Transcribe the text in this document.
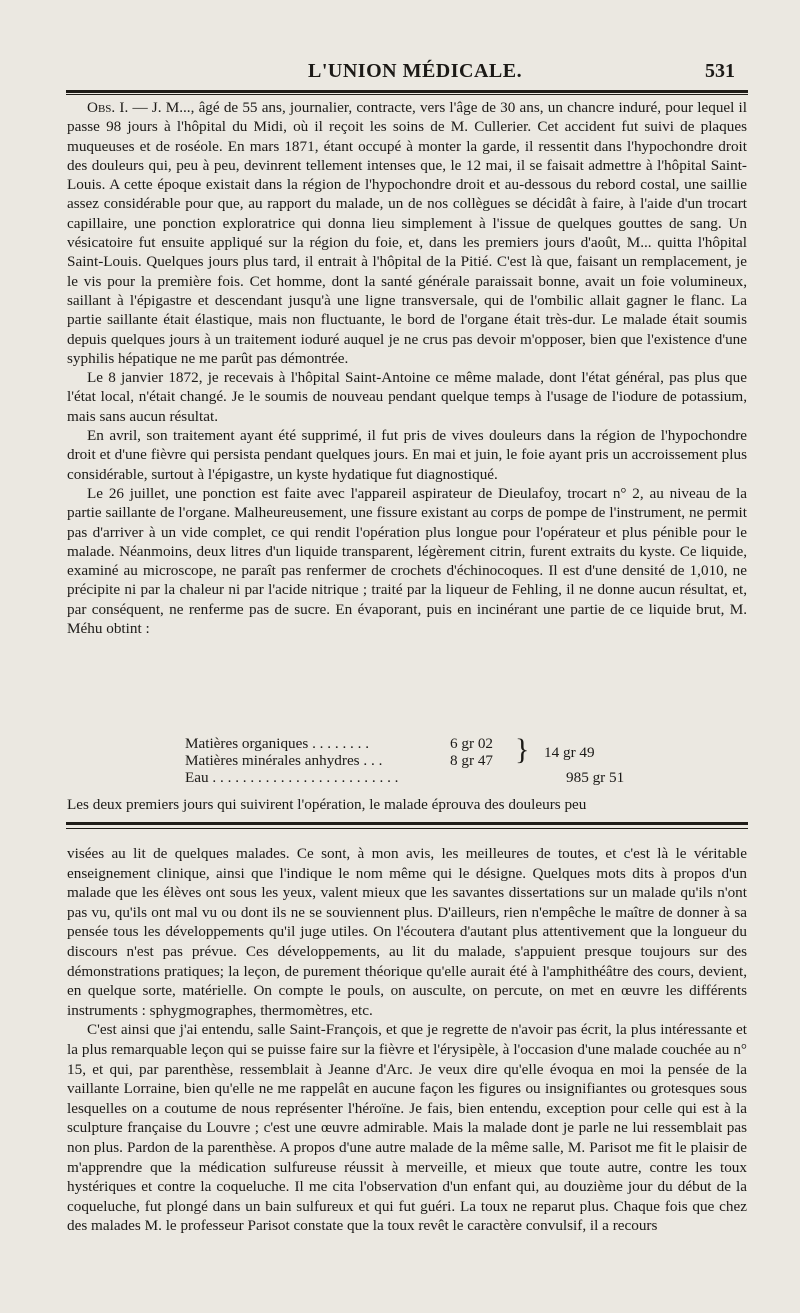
L'UNION MÉDICALE.	531

Obs. I. — J. M..., âgé de 55 ans, journalier, contracte, vers l'âge de 30 ans, un chancre induré, pour lequel il passe 98 jours à l'hôpital du Midi, où il reçoit les soins de M. Cullerier. Cet accident fut suivi de plaques muqueuses et de roséole. En mars 1871, étant occupé à monter la garde, il ressentit dans l'hypochondre droit des douleurs qui, peu à peu, devinrent tellement intenses que, le 12 mai, il se faisait admettre à l'hôpital Saint-Louis. A cette époque existait dans la région de l'hypochondre droit et au-dessous du rebord costal, une saillie assez considérable pour que, au rapport du malade, un de nos collègues se décidât à faire, à l'aide d'un trocart capillaire, une ponction exploratrice qui donna lieu simplement à l'issue de quelques gouttes de sang. Un vésicatoire fut ensuite appliqué sur la région du foie, et, dans les premiers jours d'août, M... quitta l'hôpital Saint-Louis. Quelques jours plus tard, il entrait à l'hôpital de la Pitié. C'est là que, faisant un remplacement, je le vis pour la première fois. Cet homme, dont la santé générale paraissait bonne, avait un foie volumineux, saillant à l'épigastre et descendant jusqu'à une ligne transversale, qui de l'ombilic allait gagner le flanc. La partie saillante était élastique, mais non fluctuante, le bord de l'organe était très-dur. Le malade était soumis depuis quelques jours à un traitement ioduré auquel je ne crus pas devoir m'opposer, bien que l'existence d'une syphilis hépatique ne me parût pas démontrée.

Le 8 janvier 1872, je recevais à l'hôpital Saint-Antoine ce même malade, dont l'état général, pas plus que l'état local, n'était changé. Je le soumis de nouveau pendant quelque temps à l'usage de l'iodure de potassium, mais sans aucun résultat.

En avril, son traitement ayant été supprimé, il fut pris de vives douleurs dans la région de l'hypochondre droit et d'une fièvre qui persista pendant quelques jours. En mai et juin, le foie ayant pris un accroissement plus considérable, surtout à l'épigastre, un kyste hydatique fut diagnostiqué.

Le 26 juillet, une ponction est faite avec l'appareil aspirateur de Dieulafoy, trocart n° 2, au niveau de la partie saillante de l'organe. Malheureusement, une fissure existant au corps de pompe de l'instrument, ne permit pas d'arriver à un vide complet, ce qui rendit l'opération plus longue pour l'opérateur et plus pénible pour le malade. Néanmoins, deux litres d'un liquide transparent, légèrement citrin, furent extraits du kyste. Ce liquide, examiné au microscope, ne paraît pas renfermer de crochets d'échinocoques. Il est d'une densité de 1,010, ne précipite ni par la chaleur ni par l'acide nitrique ; traité par la liqueur de Fehling, il ne donne aucun résultat, et, par conséquent, ne renferme pas de sucre. En évaporant, puis en incinérant une partie de ce liquide brut, M. Méhu obtint :

Matières organiques . . . . . . . .	6 gr 02
Matières minérales anhydres . . .	8 gr 47 } 14 gr 49
Eau . . . . . . . . . . . . . . . . . . . . . . . . .	985 gr 51
Les deux premiers jours qui suivirent l'opération, le malade éprouva des douleurs peu

visées au lit de quelques malades. Ce sont, à mon avis, les meilleures de toutes, et c'est là le véritable enseignement clinique, ainsi que l'indique le nom même qui le désigne. Quelques mots dits à propos d'un malade que les élèves ont sous les yeux, valent mieux que les savantes dissertations sur un malade qu'ils n'ont pas vu, qu'ils ont mal vu ou dont ils ne se souviennent plus. D'ailleurs, rien n'empêche le maître de donner à sa pensée tous les développements qu'il juge utiles. On l'écoutera d'autant plus attentivement que la longueur du discours n'est pas prévue. Ces développements, au lit du malade, s'appuient presque toujours sur des démonstrations pratiques; la leçon, de purement théorique qu'elle aurait été à l'amphithéâtre des cours, devient, en quelque sorte, matérielle. On compte le pouls, on ausculte, on percute, on met en œuvre les différents instruments : sphygmographes, thermomètres, etc.

C'est ainsi que j'ai entendu, salle Saint-François, et que je regrette de n'avoir pas écrit, la plus intéressante et la plus remarquable leçon qui se puisse faire sur la fièvre et l'érysipèle, à l'occasion d'une malade couchée au n° 15, et qui, par parenthèse, ressemblait à Jeanne d'Arc. Je veux dire qu'elle évoqua en moi la pensée de la vaillante Lorraine, bien qu'elle ne me rappelât en aucune façon les figures ou insignifiantes ou grotesques sous lesquelles on a coutume de nous représenter l'héroïne. Je fais, bien entendu, exception pour celle qui est à la sculpture française du Louvre ; c'est une œuvre admirable. Mais la malade dont je parle ne lui ressemblait pas non plus. Pardon de la parenthèse. A propos d'une autre malade de la même salle, M. Parisot me fit le plaisir de m'apprendre que la médication sulfureuse réussit à merveille, et mieux que toute autre, contre les toux hystériques et contre la coqueluche. Il me cita l'observation d'un enfant qui, au douzième jour du début de la coqueluche, fut plongé dans un bain sulfureux et qui fut guéri. La toux ne reparut plus. Chaque fois que chez des malades M. le professeur Parisot constate que la toux revêt le caractère convulsif, il a recours
